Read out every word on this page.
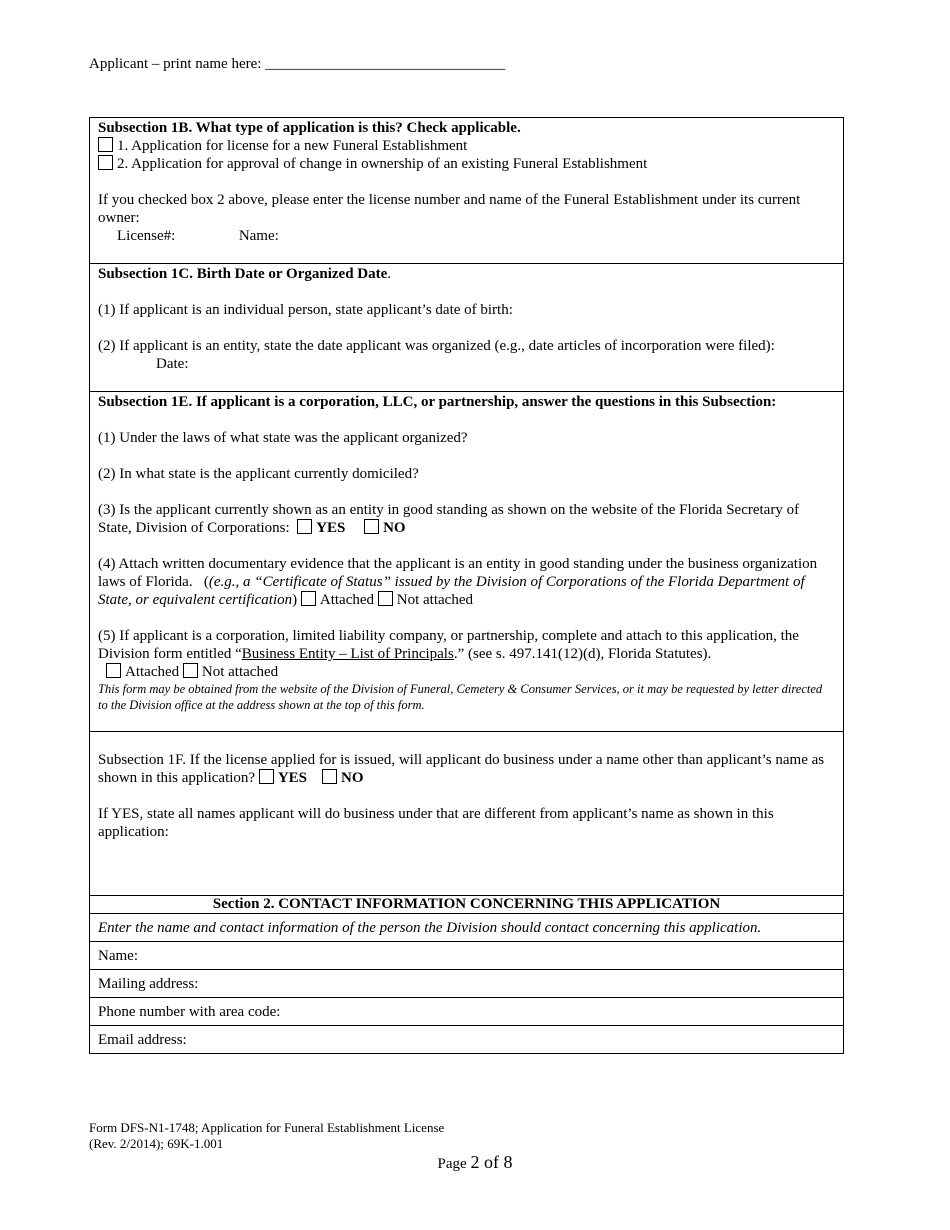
Applicant – print name here: ________________________________
Subsection 1B. What type of application is this? Check applicable.
1. Application for license for a new Funeral Establishment
2. Application for approval of change in ownership of an existing Funeral Establishment
If you checked box 2 above, please enter the license number and name of the Funeral Establishment under its current owner:
License#:	Name:
Subsection 1C. Birth Date or Organized Date.
(1) If applicant is an individual person, state applicant’s date of birth:
(2) If applicant is an entity, state the date applicant was organized (e.g., date articles of incorporation were filed):
Date:
Subsection 1E. If applicant is a corporation, LLC, or partnership, answer the questions in this Subsection:
(1) Under the laws of what state was the applicant organized?
(2) In what state is the applicant currently domiciled?
(3) Is the applicant currently shown as an entity in good standing as shown on the website of the Florida Secretary of State, Division of Corporations: YES	NO
(4) Attach written documentary evidence that the applicant is an entity in good standing under the business organization laws of Florida.   ((e.g., a “Certificate of Status” issued by the Division of Corporations of the Florida Department of State, or equivalent certification) Attached Not attached
(5) If applicant is a corporation, limited liability company, or partnership, complete and attach to this application, the Division form entitled “Business Entity – List of Principals.” (see s. 497.141(12)(d), Florida Statutes).
Attached Not attached
This form may be obtained from the website of the Division of Funeral, Cemetery & Consumer Services, or it may be requested by letter directed to the Division office at the address shown at the top of this form.
Subsection 1F. If the license applied for is issued, will applicant do business under a name other than applicant’s name as shown in this application? YES NO
If YES, state all names applicant will do business under that are different from applicant’s name as shown in this application:
Section 2. CONTACT INFORMATION CONCERNING THIS APPLICATION
Enter the name and contact information of the person the Division should contact concerning this application.
Name:
Mailing address:
Phone number with area code:
Email address:
Form DFS-N1-1748; Application for Funeral Establishment License
(Rev. 2/2014); 69K-1.001
Page 2 of 8
